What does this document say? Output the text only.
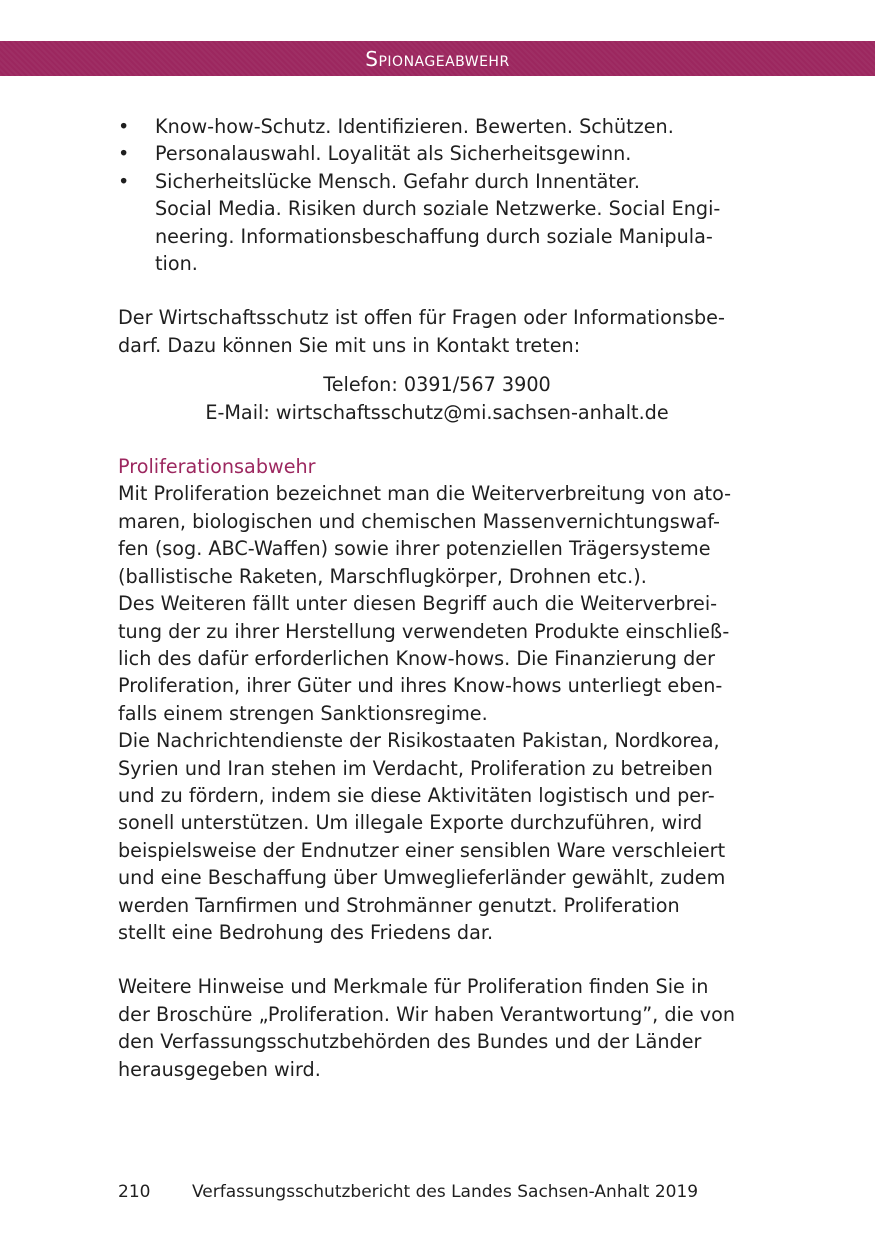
Spionageabwehr
• Know-how-Schutz. Identifizieren. Bewerten. Schützen.
• Personalauswahl. Loyalität als Sicherheitsgewinn.
• Sicherheitslücke Mensch. Gefahr durch Innentäter.
Social Media. Risiken durch soziale Netzwerke. Social Engi-
neering. Informationsbeschaffung durch soziale Manipula-
tion.
Der Wirtschaftsschutz ist offen für Fragen oder Informationsbe-
darf. Dazu können Sie mit uns in Kontakt treten:
Telefon: 0391/567 3900
E-Mail: wirtschaftsschutz@mi.sachsen-anhalt.de
Proliferationsabwehr
Mit Proliferation bezeichnet man die Weiterverbreitung von ato-
maren, biologischen und chemischen Massenvernichtungswaf-
fen (sog. ABC-Waffen) sowie ihrer potenziellen Trägersysteme
(ballistische Raketen, Marschflugkörper, Drohnen etc.).
Des Weiteren fällt unter diesen Begriff auch die Weiterverbrei-
tung der zu ihrer Herstellung verwendeten Produkte einschließ-
lich des dafür erforderlichen Know-hows. Die Finanzierung der
Proliferation, ihrer Güter und ihres Know-hows unterliegt eben-
falls einem strengen Sanktionsregime.
Die Nachrichtendienste der Risikostaaten Pakistan, Nordkorea,
Syrien und Iran stehen im Verdacht, Proliferation zu betreiben
und zu fördern, indem sie diese Aktivitäten logistisch und per-
sonell unterstützen. Um illegale Exporte durchzuführen, wird
beispielsweise der Endnutzer einer sensiblen Ware verschleiert
und eine Beschaffung über Umweglieferländer gewählt, zudem
werden Tarnfirmen und Strohmänner genutzt. Proliferation
stellt eine Bedrohung des Friedens dar.
Weitere Hinweise und Merkmale für Proliferation finden Sie in
der Broschüre „Proliferation. Wir haben Verantwortung”, die von
den Verfassungsschutzbehörden des Bundes und der Länder
herausgegeben wird.
210 Verfassungsschutzbericht des Landes Sachsen-Anhalt 2019
